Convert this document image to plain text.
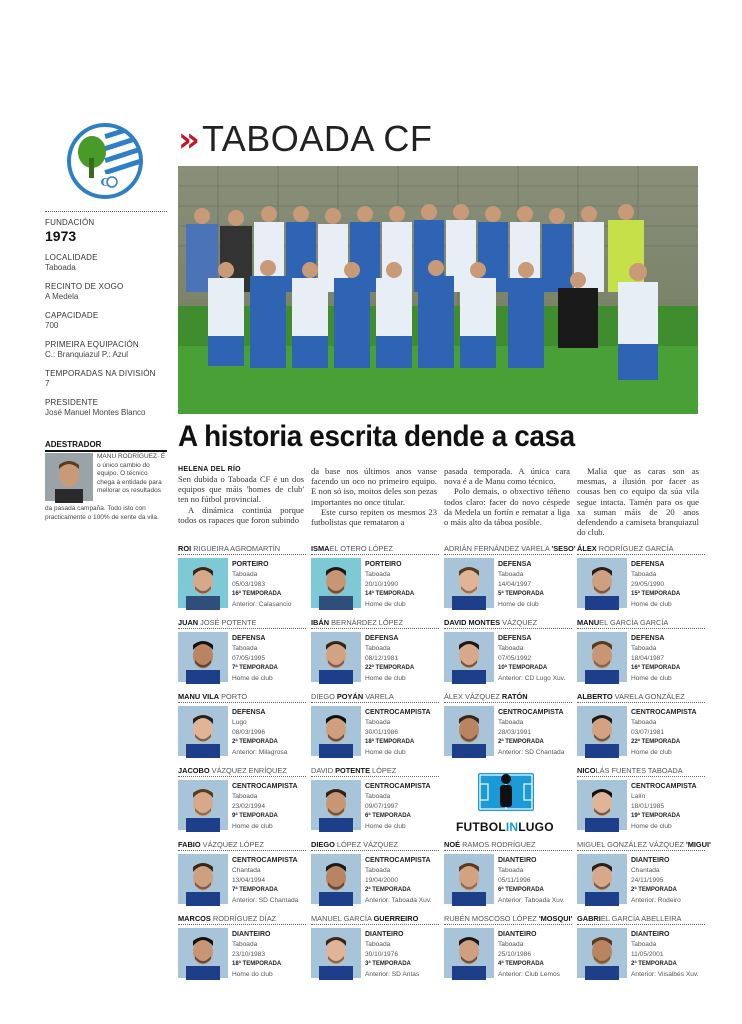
C
» TABOADA CF
FUNDACIÓN
1973
LOCALIDADE
Taboada
RECINTO DE XOGO
A Medela
CAPACIDADE
700
PRIMEIRA EQUIPACIÓN
C.: Branquiazul P.: Azul
TEMPORADAS NA DIVISIÓN
7
PRESIDENTE
José Manuel Montes Blanco
ADESTRADOR
MANU RODRÍGUEZ· É o único cambio do equipo. O técnico chega á entidade para mellorar os resultados
da pasada campaña. Todo isto con practicamente o 100% de xente da vila.
A historia escrita dende a casa
HELENA DEL RÍO

Sen dubida o Taboada CF é un dos equipos que máis 'homes de club' ten no fútbol provincial.

A dinámica continúa porque todos os rapaces que foron subindo

da base nos últimos anos vanse facendo un oco no primeiro equipo. E non só iso, moitos deles son pezas importantes no once titular.

Este curso repiten os mesmos 23 futbolistas que remataron a

pasada temporada. A única cara nova é a de Manu como técnico.

Polo demais, o obxectivo téñeno todos claro: facer do novo céspede da Medela un fortín e rematar a liga o máis alto da táboa posible.

Malia que as caras son as mesmas, a ilusión por facer as cousas ben co equipo da súa vila segue intacta. Tamén para os que xa suman máis de 20 anos defendendo a camiseta branquiazul do club.

ROI RIGUEIRA AGROMARTÍN
PORTEIRO
Taboada
05/03/1983
16ª TEMPORADA
Anterior: Calasancio
ISMAEL OTERO LÓPEZ
PORTEIRO
Taboada
20/10/1990
14ª TEMPORADA
Home de club
ADRIÁN FERNÁNDEZ VARELA 'SESO'
DEFENSA
Taboada
14/04/1997
5ª TEMPORADA
Home de club
ÁLEX RODRÍGUEZ GARCÍA
DEFENSA
Taboada
29/05/1990
15ª TEMPORADA
Home de club
JUAN JOSÉ POTENTE
DEFENSA
Taboada
07/05/1995
7ª TEMPORADA
Home de club
IBÁN BERNÁRDEZ LÓPEZ
DEFENSA
Taboada
08/12/1981
22ª TEMPORADA
Home de club
DAVID MONTES VÁZQUEZ
DEFENSA
Taboada
07/05/1992
10ª TEMPORADA
Anterior: CD Lugo Xuv.
MANUEL GARCÍA GARCÍA
DEFENSA
Taboada
18/04/1987
16ª TEMPORADA
Home de club
MANU VILA PORTO
DEFENSA
Lugo
08/03/1996
2ª TEMPORADA
Anterior: Milagrosa
DIEGO POYÁN VARELA
CENTROCAMPISTA
Taboada
30/01/1986
18ª TEMPORADA
Home de club
ÁLEX VÁZQUEZ RATÓN
CENTROCAMPISTA
Taboada
28/03/1991
2ª TEMPORADA
Anterior: SD Chantada
ALBERTO VARELA GONZÁLEZ
CENTROCAMPISTA
Taboada
03/07/1981
22ª TEMPORADA
Home de club
JACOBO VÁZQUEZ ENRÍQUEZ
CENTROCAMPISTA
Taboada
23/02/1994
9ª TEMPORADA
Home de club
DAVID POTENTE LÓPEZ
CENTROCAMPISTA
Taboada
09/07/1997
6ª TEMPORADA
Home de club
NICOLÁS FUENTES TABOADA
CENTROCAMPISTA
Lalín
18/01/1985
19ª TEMPORADA
Home de club
FABIO VÁZQUEZ LÓPEZ
CENTROCAMPISTA
Chantada
13/04/1994
7ª TEMPORADA
Anterior: SD Chantada
DIEGO LÓPEZ VÁZQUEZ
CENTROCAMPISTA
Taboada
19/04/2000
2ª TEMPORADA
Anterior: Taboada Xuv.
NOÉ RAMOS RODRÍGUEZ
DIANTEIRO
Taboada
05/11/1996
6ª TEMPORADA
Anterior: Taboada Xuv.
MIGUEL GONZÁLEZ VÁZQUEZ 'MIGUI'
DIANTEIRO
Chantada
24/11/1995
2ª TEMPORADA
Anterior: Rodeiro
MARCOS RODRÍGUEZ DÍAZ
DIANTEIRO
Taboada
23/10/1983
18ª TEMPORADA
Home do club
MANUEL GARCÍA GUERREIRO
DIANTEIRO
Taboada
30/10/1976
3ª TEMPORADA
Anterior: SD Antas
RUBÉN MOSCOSO LÓPEZ 'MOSQUI'
DIANTEIRO
Taboada
25/10/1986
4ª TEMPORADA
Anterior: Club Lemos
GABRIEL GARCÍA ABELLEIRA
DIANTEIRO
Taboada
11/05/2001
2ª TEMPORADA
Anterior: Viisalbés Xuv.
FUTBOLINLUGO
